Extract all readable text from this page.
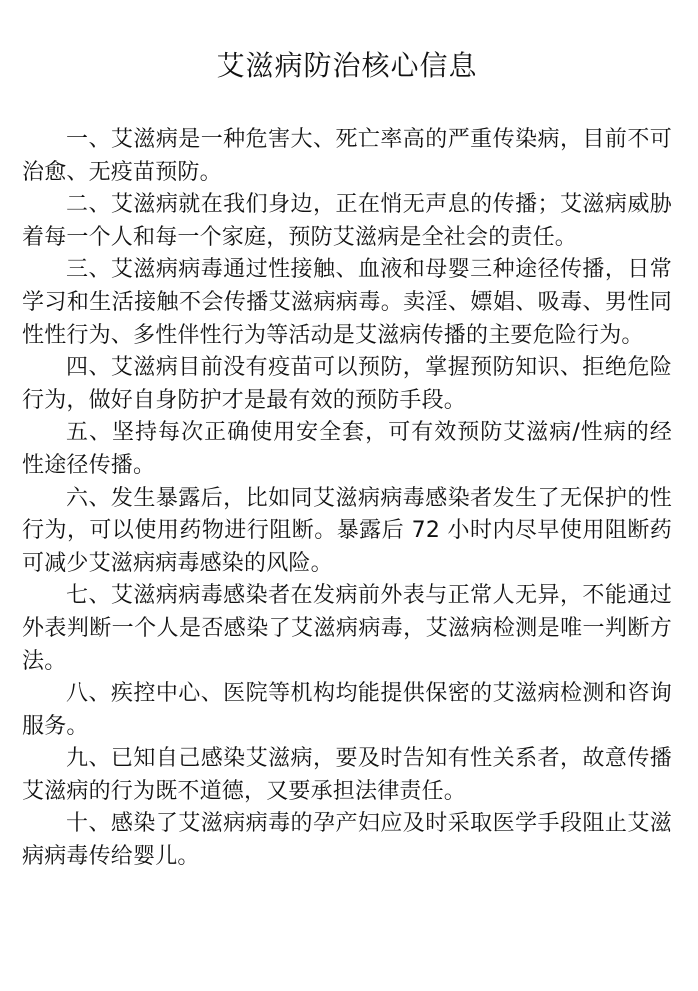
艾滋病防治核心信息

一、艾滋病是一种危害大、死亡率高的严重传染病，目前不可治愈、无疫苗预防。

二、艾滋病就在我们身边，正在悄无声息的传播；艾滋病威胁着每一个人和每一个家庭，预防艾滋病是全社会的责任。

三、艾滋病病毒通过性接触、血液和母婴三种途径传播，日常学习和生活接触不会传播艾滋病病毒。卖淫、嫖娼、吸毒、男性同性性行为、多性伴性行为等活动是艾滋病传播的主要危险行为。

四、艾滋病目前没有疫苗可以预防，掌握预防知识、拒绝危险行为，做好自身防护才是最有效的预防手段。

五、坚持每次正确使用安全套，可有效预防艾滋病/性病的经性途径传播。

六、发生暴露后，比如同艾滋病病毒感染者发生了无保护的性行为，可以使用药物进行阻断。暴露后 72 小时内尽早使用阻断药可减少艾滋病病毒感染的风险。

七、艾滋病病毒感染者在发病前外表与正常人无异，不能通过外表判断一个人是否感染了艾滋病病毒，艾滋病检测是唯一判断方法。

八、疾控中心、医院等机构均能提供保密的艾滋病检测和咨询服务。

九、已知自己感染艾滋病，要及时告知有性关系者，故意传播艾滋病的行为既不道德，又要承担法律责任。

十、感染了艾滋病病毒的孕产妇应及时采取医学手段阻止艾滋病病毒传给婴儿。
